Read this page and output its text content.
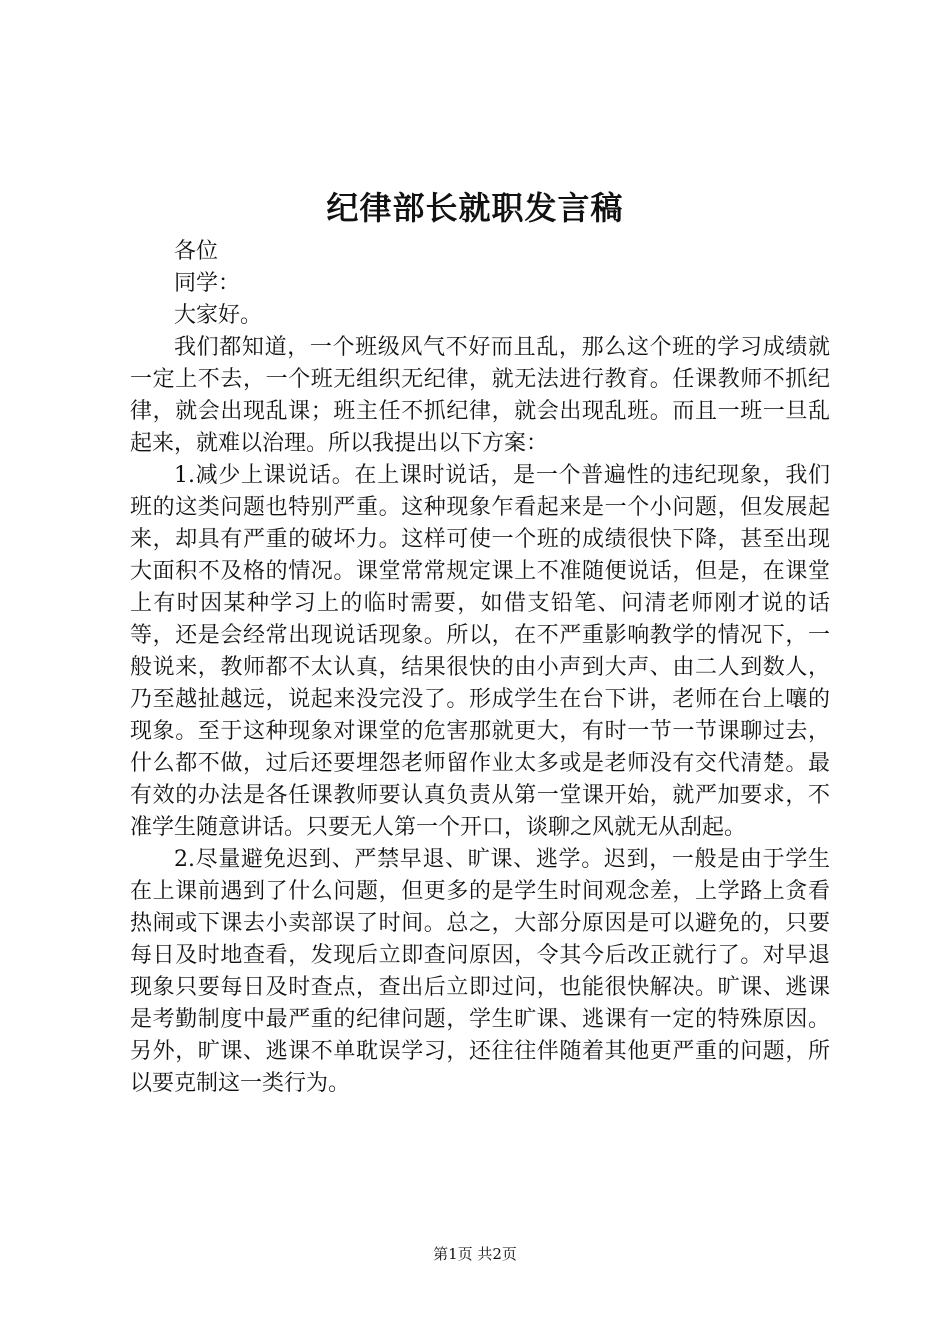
纪律部长就职发言稿

各位

同学：

大家好。

我们都知道，一个班级风气不好而且乱，那么这个班的学习成绩就一定上不去，一个班无组织无纪律，就无法进行教育。任课教师不抓纪律，就会出现乱课；班主任不抓纪律，就会出现乱班。而且一班一旦乱起来，就难以治理。所以我提出以下方案：

1.减少上课说话。在上课时说话，是一个普遍性的违纪现象，我们班的这类问题也特别严重。这种现象乍看起来是一个小问题，但发展起来，却具有严重的破坏力。这样可使一个班的成绩很快下降，甚至出现大面积不及格的情况。课堂常常规定课上不准随便说话，但是，在课堂上有时因某种学习上的临时需要，如借支铅笔、问清老师刚才说的话等，还是会经常出现说话现象。所以，在不严重影响教学的情况下，一般说来，教师都不太认真，结果很快的由小声到大声、由二人到数人，乃至越扯越远，说起来没完没了。形成学生在台下讲，老师在台上嚷的现象。至于这种现象对课堂的危害那就更大，有时一节一节课聊过去，什么都不做，过后还要埋怨老师留作业太多或是老师没有交代清楚。最有效的办法是各任课教师要认真负责从第一堂课开始，就严加要求，不准学生随意讲话。只要无人第一个开口，谈聊之风就无从刮起。

2.尽量避免迟到、严禁早退、旷课、逃学。迟到，一般是由于学生在上课前遇到了什么问题，但更多的是学生时间观念差，上学路上贪看热闹或下课去小卖部误了时间。总之，大部分原因是可以避免的，只要每日及时地查看，发现后立即查问原因，令其今后改正就行了。对早退现象只要每日及时查点，查出后立即过问，也能很快解决。旷课、逃课是考勤制度中最严重的纪律问题，学生旷课、逃课有一定的特殊原因。另外，旷课、逃课不单耽误学习，还往往伴随着其他更严重的问题，所以要克制这一类行为。

第1页 共2页
